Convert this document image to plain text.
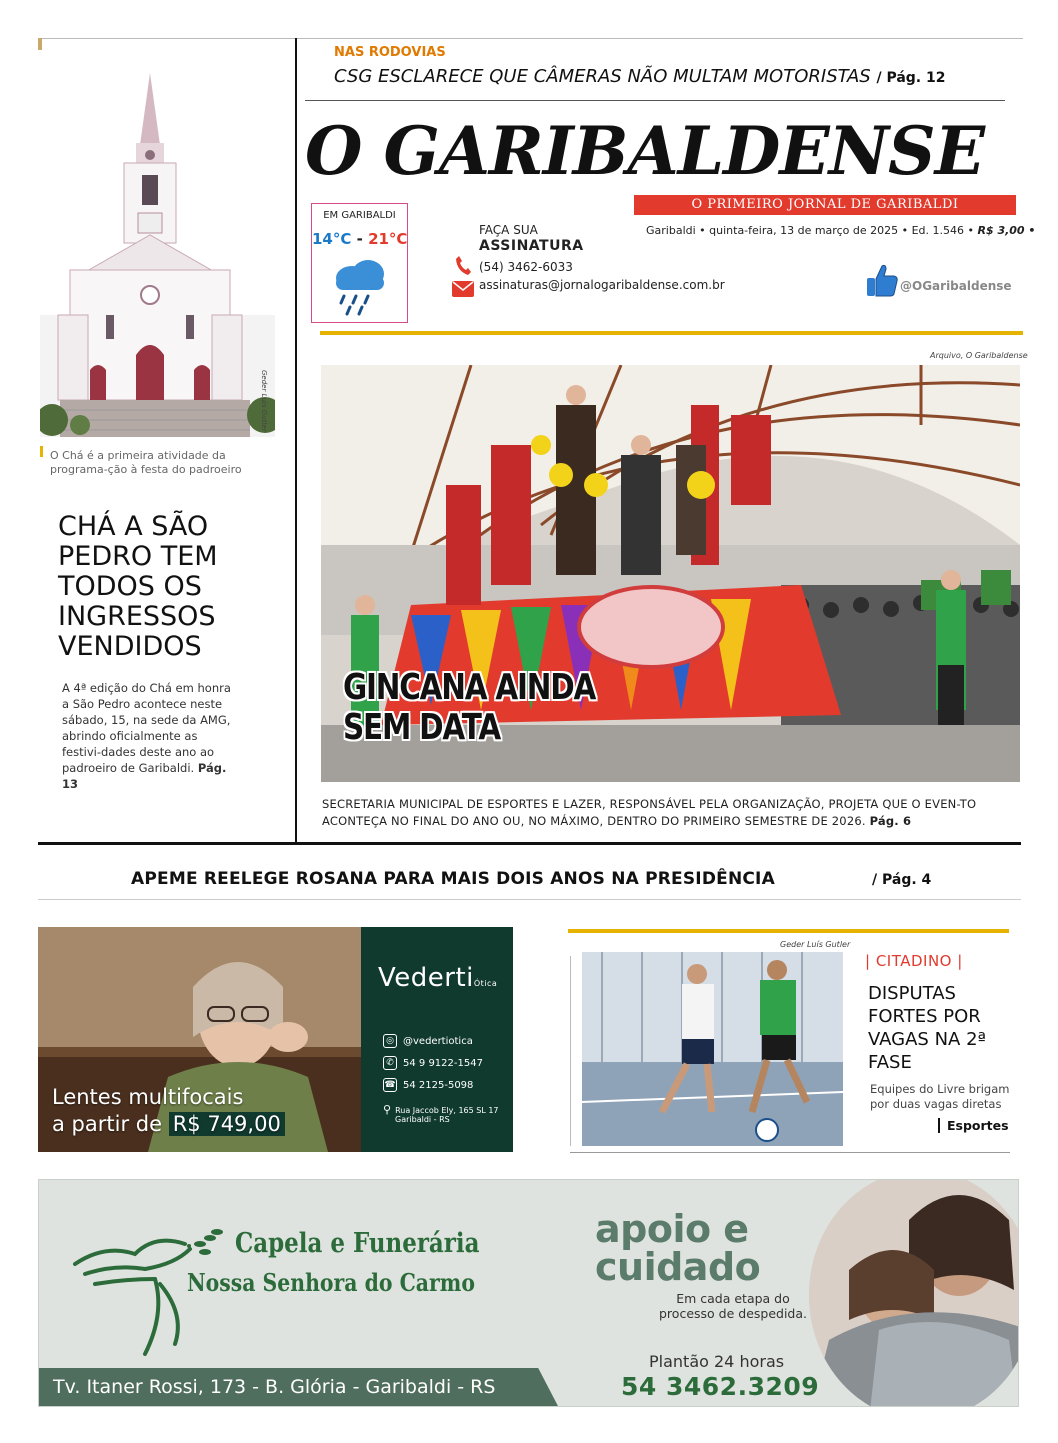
Geder Luis Gutler
O Chá é a primeira atividade da programa-ção à festa do padroeiro
CHÁ A SÃO PEDRO TEM TODOS OS INGRESSOS VENDIDOS
A 4ª edição do Chá em honra a São Pedro acontece neste sábado, 15, na sede da AMG, abrindo oficialmente as festivi-dades deste ano ao padroeiro de Garibaldi. Pág. 13
NAS RODOVIAS
CSG ESCLARECE QUE CÂMERAS NÃO MULTAM MOTORISTAS / Pág. 12
O GARIBALDENSE
O PRIMEIRO JORNAL DE GARIBALDI
Garibaldi • quinta-feira, 13 de março de 2025 • Ed. 1.546 • R$ 3,00 •
EM GARIBALDI
14°C - 21°C	FAÇA SUA
ASSINATURA
(54) 3462-6033
assinaturas@jornalogaribaldense.com.br	@OGaribaldense
Arquivo, O Garibaldense
GINCANA AINDA
SEM DATA
SECRETARIA MUNICIPAL DE ESPORTES E LAZER, RESPONSÁVEL PELA ORGANIZAÇÃO, PROJETA QUE O EVEN-TO ACONTEÇA NO FINAL DO ANO OU, NO MÁXIMO, DENTRO DO PRIMEIRO SEMESTRE DE 2026. Pág. 6
APEME REELEGE ROSANA PARA MAIS DOIS ANOS NA PRESIDÊNCIA	/ Pág. 4
VedertiÓtica
◎ @vedertiotica
✆ 54 9 9122-1547
☎ 54 2125-5098
⚲ Rua Jaccob Ely, 165 SL 17
Garibaldi - RS
Lentes multifocais
a partir de R$ 749,00
Geder Luís Gutler
| CITADINO |
DISPUTAS FORTES POR VAGAS NA 2ª FASE
Equipes do Livre brigam por duas vagas diretas
Esportes
Capela e Funerária
Nossa Senhora do Carmo
Tv. Itaner Rossi, 173 - B. Glória - Garibaldi - RS
apoio e
cuidado
Em cada etapa do
processo de despedida.
Plantão 24 horas
54 3462.3209
